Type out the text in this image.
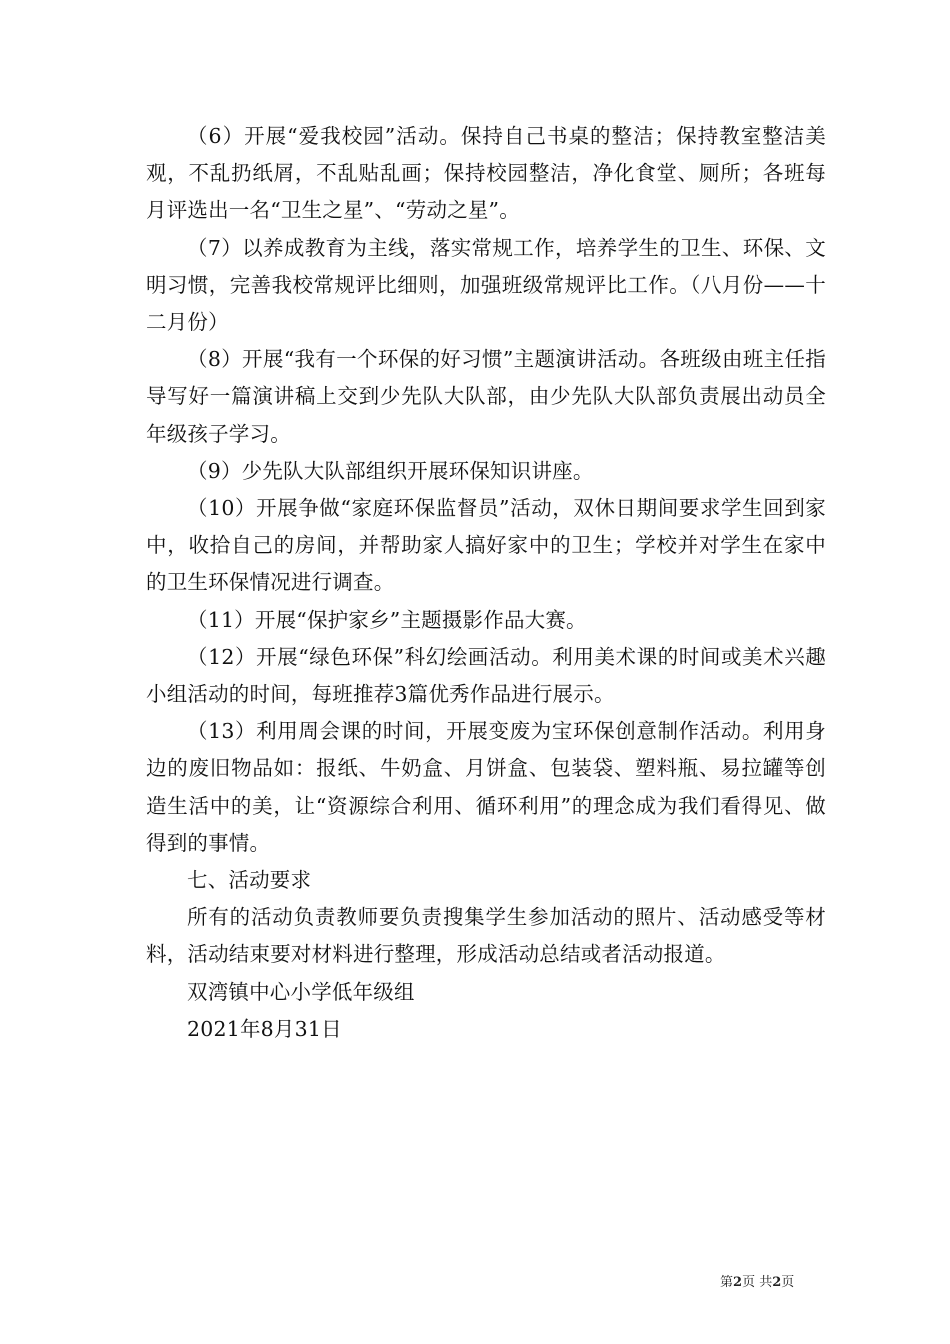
（6）开展“爱我校园”活动。保持自己书桌的整洁；保持教室整洁美观，不乱扔纸屑，不乱贴乱画；保持校园整洁，净化食堂、厕所；各班每月评选出一名“卫生之星”、“劳动之星”。

（7）以养成教育为主线，落实常规工作，培养学生的卫生、环保、文明习惯，完善我校常规评比细则，加强班级常规评比工作。（八月份——十二月份）

（8）开展“我有一个环保的好习惯”主题演讲活动。各班级由班主任指导写好一篇演讲稿上交到少先队大队部，由少先队大队部负责展出动员全年级孩子学习。

（9）少先队大队部组织开展环保知识讲座。

（10）开展争做“家庭环保监督员”活动，双休日期间要求学生回到家中，收拾自己的房间，并帮助家人搞好家中的卫生；学校并对学生在家中的卫生环保情况进行调查。

（11）开展“保护家乡”主题摄影作品大赛。

（12）开展“绿色环保”科幻绘画活动。利用美术课的时间或美术兴趣小组活动的时间，每班推荐3篇优秀作品进行展示。

（13）利用周会课的时间，开展变废为宝环保创意制作活动。利用身边的废旧物品如：报纸、牛奶盒、月饼盒、包装袋、塑料瓶、易拉罐等创造生活中的美，让“资源综合利用、循环利用”的理念成为我们看得见、做得到的事情。

七、活动要求

所有的活动负责教师要负责搜集学生参加活动的照片、活动感受等材料，活动结束要对材料进行整理，形成活动总结或者活动报道。

双湾镇中心小学低年级组

2021年8月31日

第2页 共2页
